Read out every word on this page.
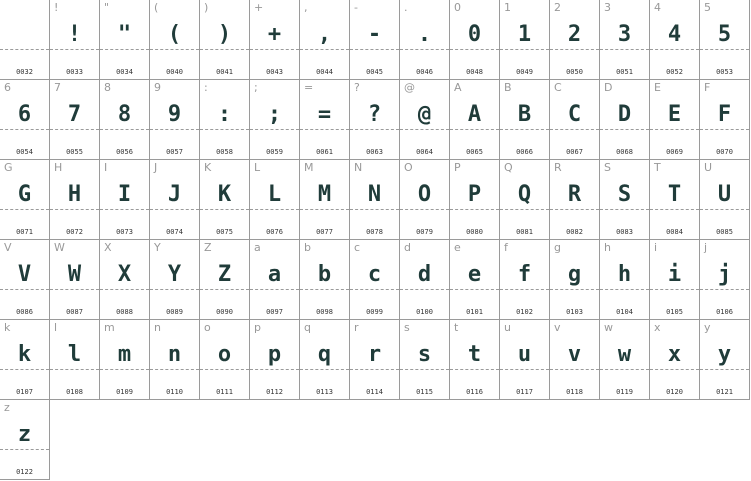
0032
!
!
0033
"
"
0034
(
(
0040
)
)
0041
+
+
0043
,
,
0044
-
-
0045
.
.
0046
0
0
0048
1
1
0049
2
2
0050
3
3
0051
4
4
0052
5
5
0053
6
6
0054
7
7
0055
8
8
0056
9
9
0057
:
:
0058
;
;
0059
=
=
0061
?
?
0063
@
@
0064
A
A
0065
B
B
0066
C
C
0067
D
D
0068
E
E
0069
F
F
0070
G
G
0071
H
H
0072
I
I
0073
J
J
0074
K
K
0075
L
L
0076
M
M
0077
N
N
0078
O
O
0079
P
P
0080
Q
Q
0081
R
R
0082
S
S
0083
T
T
0084
U
U
0085
V
V
0086
W
W
0087
X
X
0088
Y
Y
0089
Z
Z
0090
a
a
0097
b
b
0098
c
c
0099
d
d
0100
e
e
0101
f
f
0102
g
g
0103
h
h
0104
i
i
0105
j
j
0106
k
k
0107
l
l
0108
m
m
0109
n
n
0110
o
o
0111
p
p
0112
q
q
0113
r
r
0114
s
s
0115
t
t
0116
u
u
0117
v
v
0118
w
w
0119
x
x
0120
y
y
0121
z
z
0122
